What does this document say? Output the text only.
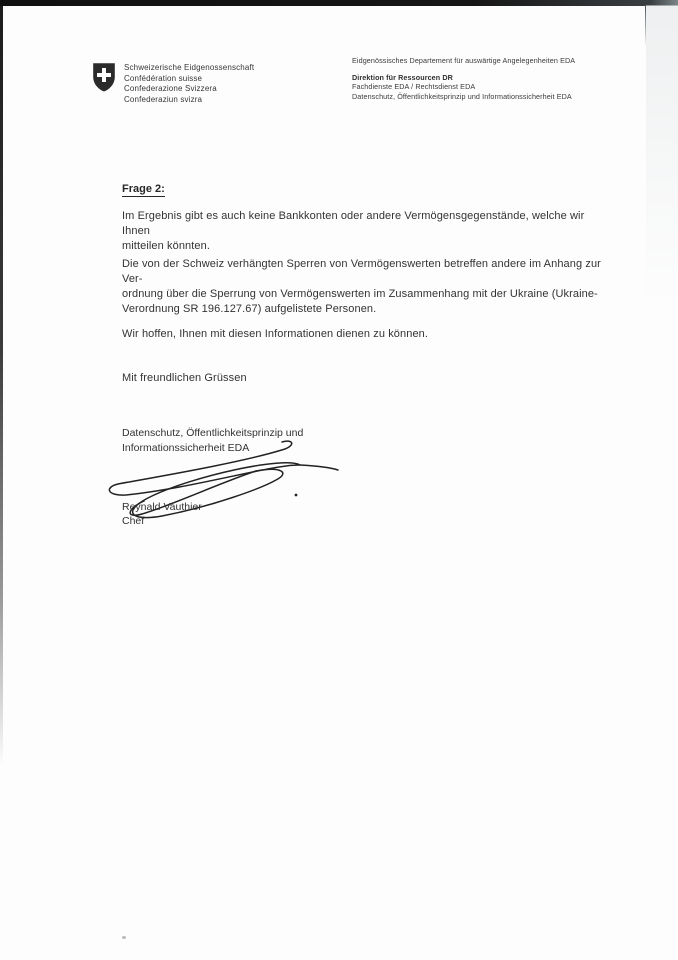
Schweizerische Eidgenossenschaft
Confédération suisse
Confederazione Svizzera
Confederaziun svizra
Eidgenössisches Departement für auswärtige Angelegenheiten EDA
Direktion für Ressourcen DR
Fachdienste EDA / Rechtsdienst EDA
Datenschutz, Öffentlichkeitsprinzip und Informationssicherheit EDA
Frage 2:
Im Ergebnis gibt es auch keine Bankkonten oder andere Vermögensgegenstände, welche wir Ihnen
mitteilen könnten.
Die von der Schweiz verhängten Sperren von Vermögenswerten betreffen andere im Anhang zur Ver-
ordnung über die Sperrung von Vermögenswerten im Zusammenhang mit der Ukraine (Ukraine-
Verordnung SR 196.127.67) aufgelistete Personen.
Wir hoffen, Ihnen mit diesen Informationen dienen zu können.
Mit freundlichen Grüssen
Datenschutz, Öffentlichkeitsprinzip und
Informationssicherheit EDA
Reynald Vauthier
Chef
